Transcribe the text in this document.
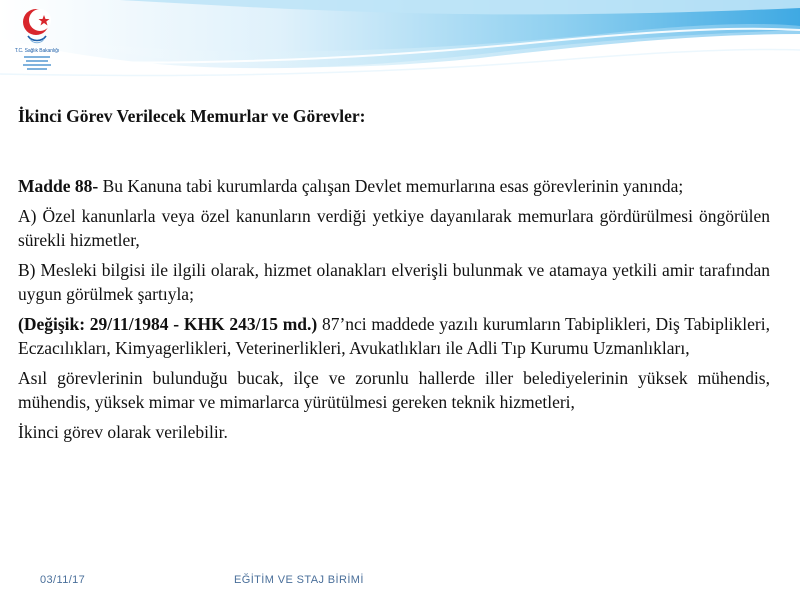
T.C. Sağlık Bakanlığı

İkinci Görev Verilecek Memurlar ve Görevler:

Madde 88- Bu Kanuna tabi kurumlarda çalışan Devlet memurlarına esas görevlerinin yanında;

A) Özel kanunlarla veya özel kanunların verdiği yetkiye dayanılarak memurlara gördürülmesi öngörülen sürekli hizmetler,

B) Mesleki bilgisi ile ilgili olarak, hizmet olanakları elverişli bulunmak ve atamaya yetkili amir tarafından uygun görülmek şartıyla;

(Değişik: 29/11/1984 - KHK 243/15 md.) 87’nci maddede yazılı kurumların Tabiplikleri, Diş Tabiplikleri, Eczacılıkları, Kimyagerlikleri, Veterinerlikleri, Avukatlıkları ile Adli Tıp Kurumu Uzmanlıkları,

Asıl görevlerinin bulunduğu bucak, ilçe ve zorunlu hallerde iller belediyelerinin yüksek mühendis, mühendis, yüksek mimar ve mimarlarca yürütülmesi gereken teknik hizmetleri,

İkinci görev olarak verilebilir.

03/11/17	EĞİTİM VE STAJ BİRİMİ
